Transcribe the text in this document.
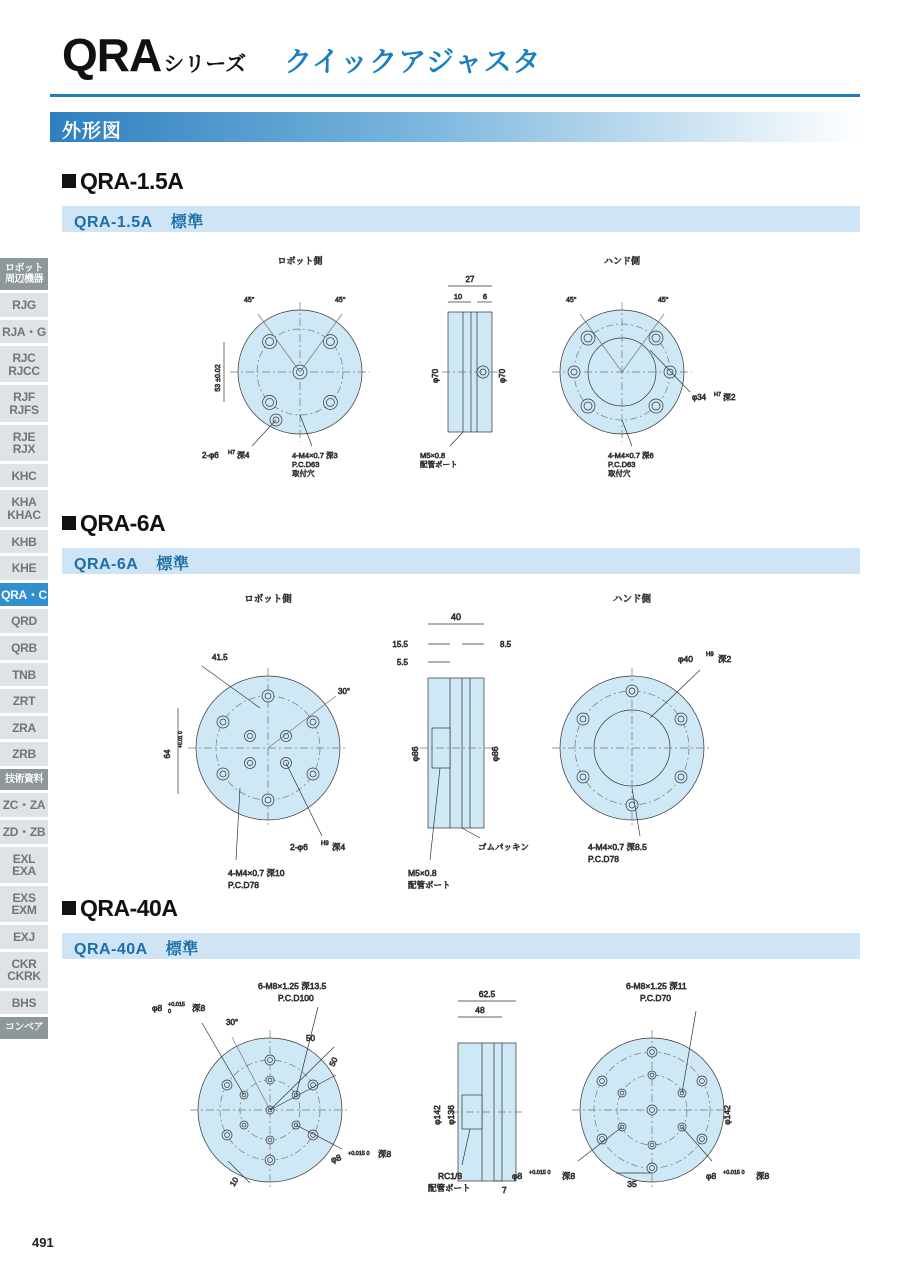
QRA シリーズ クイックアジャスタ
外形図
ロボット
周辺機器
RJG
RJA・G
RJC
RJCC
RJF
RJFS
RJE
RJX
KHC
KHA
KHAC
KHB
KHE
QRA・C
QRD
QRB
TNB
ZRT
ZRA
ZRB
技術資料
ZC・ZA
ZD・ZB
EXL
EXA
EXS
EXM
EXJ
CKR
CKRK
BHS
コンベア
QRA-1.5A
QRA-1.5A 標準
ロボット側
45°	45°
53 ±0.02
2-φ6 H7 深4	4-M4×0.7 深3
P.C.D63
取付穴
27
10	6
φ70	φ70
M5×0.8
配管ポート
ハンド側
45°	45°
φ34 H7 深2
4-M4×0.7 深6
P.C.D63
取付穴
QRA-6A
QRA-6A 標準
ロボット側
41.5
64
+0.01 0
30°
2-φ6 H9 深4
4-M4×0.7 深10
P.C.D78
40
15.5	8.5
5.5
φ86	φ86
ゴムパッキン
M5×0.8
配管ポート
ハンド側
φ40 H9 深2
4-M4×0.7 深8.5
P.C.D78
QRA-40A
QRA-40A 標準
6-M8×1.25 深13.5
P.C.D100
φ8 +0.015
0 深8
30°
50
50
10
φ8 +0.015 0 深8
62.5
48
7
φ142 φ136
RC1/8
配管ポート
φ142
6-M8×1.25 深11
P.C.D70
φ8 +0.015 0 深8
35
φ8 +0.015 0 深8
491
